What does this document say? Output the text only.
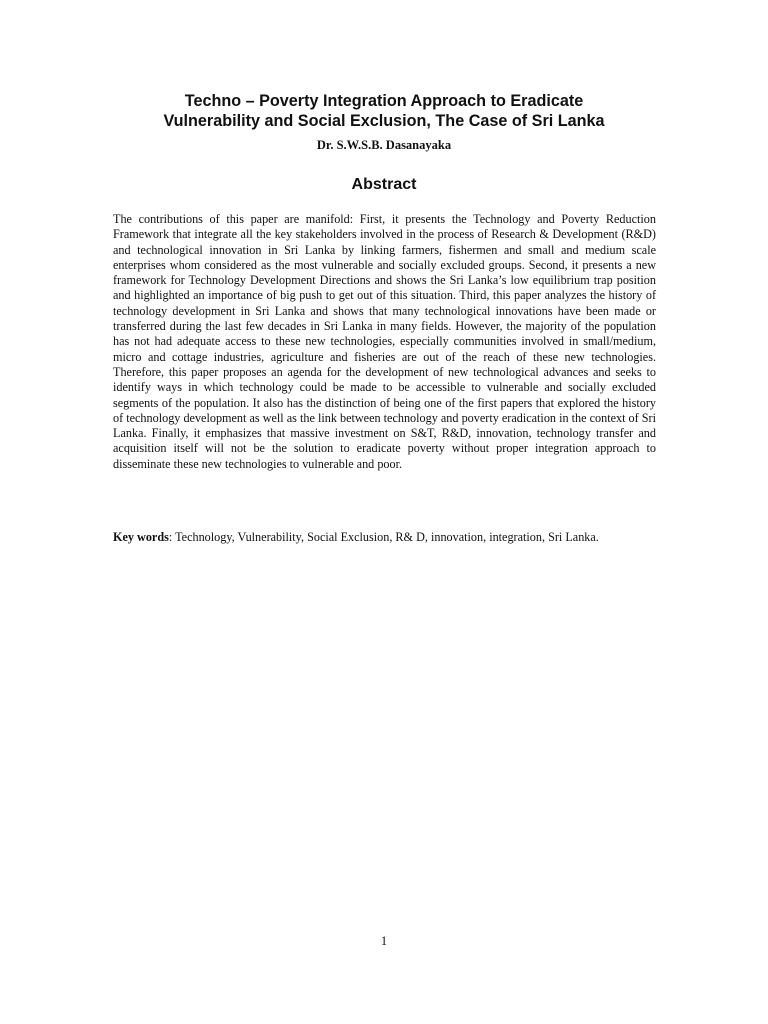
Techno – Poverty Integration Approach to Eradicate
Vulnerability and Social Exclusion, The Case of Sri Lanka
Dr. S.W.S.B. Dasanayaka
Abstract

The contributions of this paper are manifold: First, it presents the Technology and Poverty Reduction Framework that integrate all the key stakeholders involved in the process of Research & Development (R&D) and technological innovation in Sri Lanka by linking farmers, fishermen and small and medium scale enterprises whom considered as the most vulnerable and socially excluded groups. Second, it presents a new framework for Technology Development Directions and shows the Sri Lanka’s low equilibrium trap position and highlighted an importance of big push to get out of this situation. Third, this paper analyzes the history of technology development in Sri Lanka and shows that many technological innovations have been made or transferred during the last few decades in Sri Lanka in many fields. However, the majority of the population has not had adequate access to these new technologies, especially communities involved in small/medium, micro and cottage industries, agriculture and fisheries are out of the reach of these new technologies. Therefore, this paper proposes an agenda for the development of new technological advances and seeks to identify ways in which technology could be made to be accessible to vulnerable and socially excluded segments of the population. It also has the distinction of being one of the first papers that explored the history of technology development as well as the link between technology and poverty eradication in the context of Sri Lanka. Finally, it emphasizes that massive investment on S&T, R&D, innovation, technology transfer and acquisition itself will not be the solution to eradicate poverty without proper integration approach to disseminate these new technologies to vulnerable and poor.

Key words: Technology, Vulnerability, Social Exclusion, R& D, innovation, integration, Sri Lanka.

1
